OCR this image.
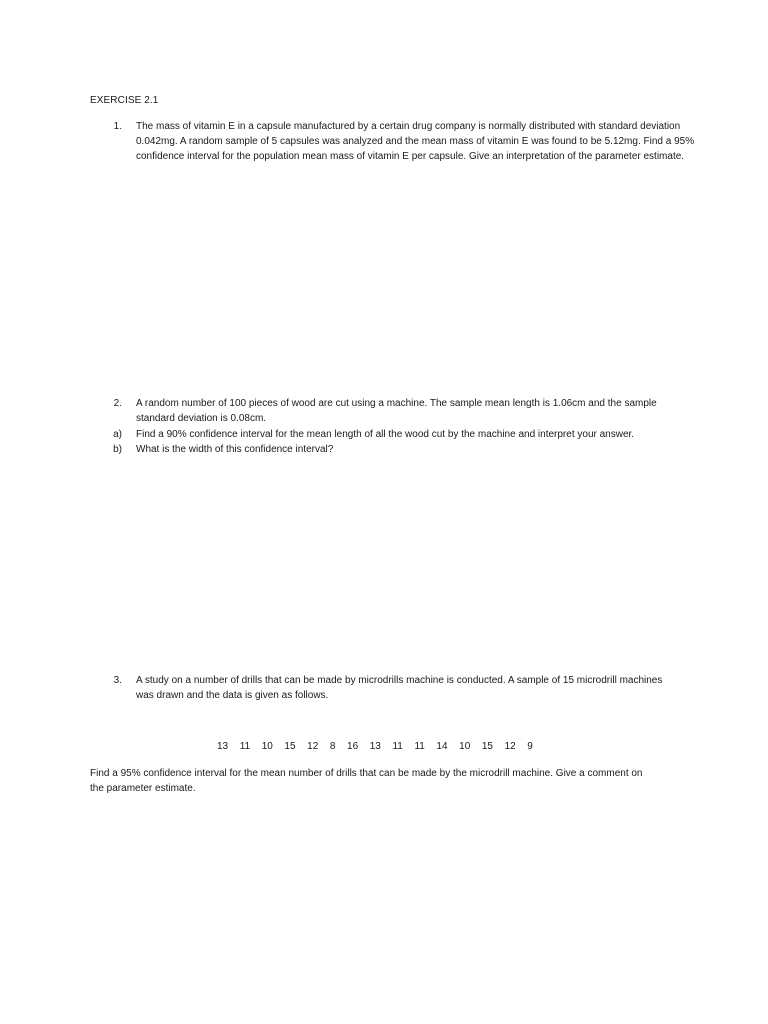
EXERCISE 2.1
1. The mass of vitamin E in a capsule manufactured by a certain drug company is normally distributed with standard deviation 0.042mg. A random sample of 5 capsules was analyzed and the mean mass of vitamin E was found to be 5.12mg. Find a 95% confidence interval for the population mean mass of vitamin E per capsule. Give an interpretation of the parameter estimate.
2. A random number of 100 pieces of wood are cut using a machine. The sample mean length is 1.06cm and the sample standard deviation is 0.08cm.
a) Find a 90% confidence interval for the mean length of all the wood cut by the machine and interpret your answer.
b) What is the width of this confidence interval?
3. A study on a number of drills that can be made by microdrills machine is conducted. A sample of 15 microdrill machines was drawn and the data is given as follows.
13 11 10 15 12 8 16 13 11 11 14 10 15 12 9
Find a 95% confidence interval for the mean number of drills that can be made by the microdrill machine. Give a comment on the parameter estimate.
